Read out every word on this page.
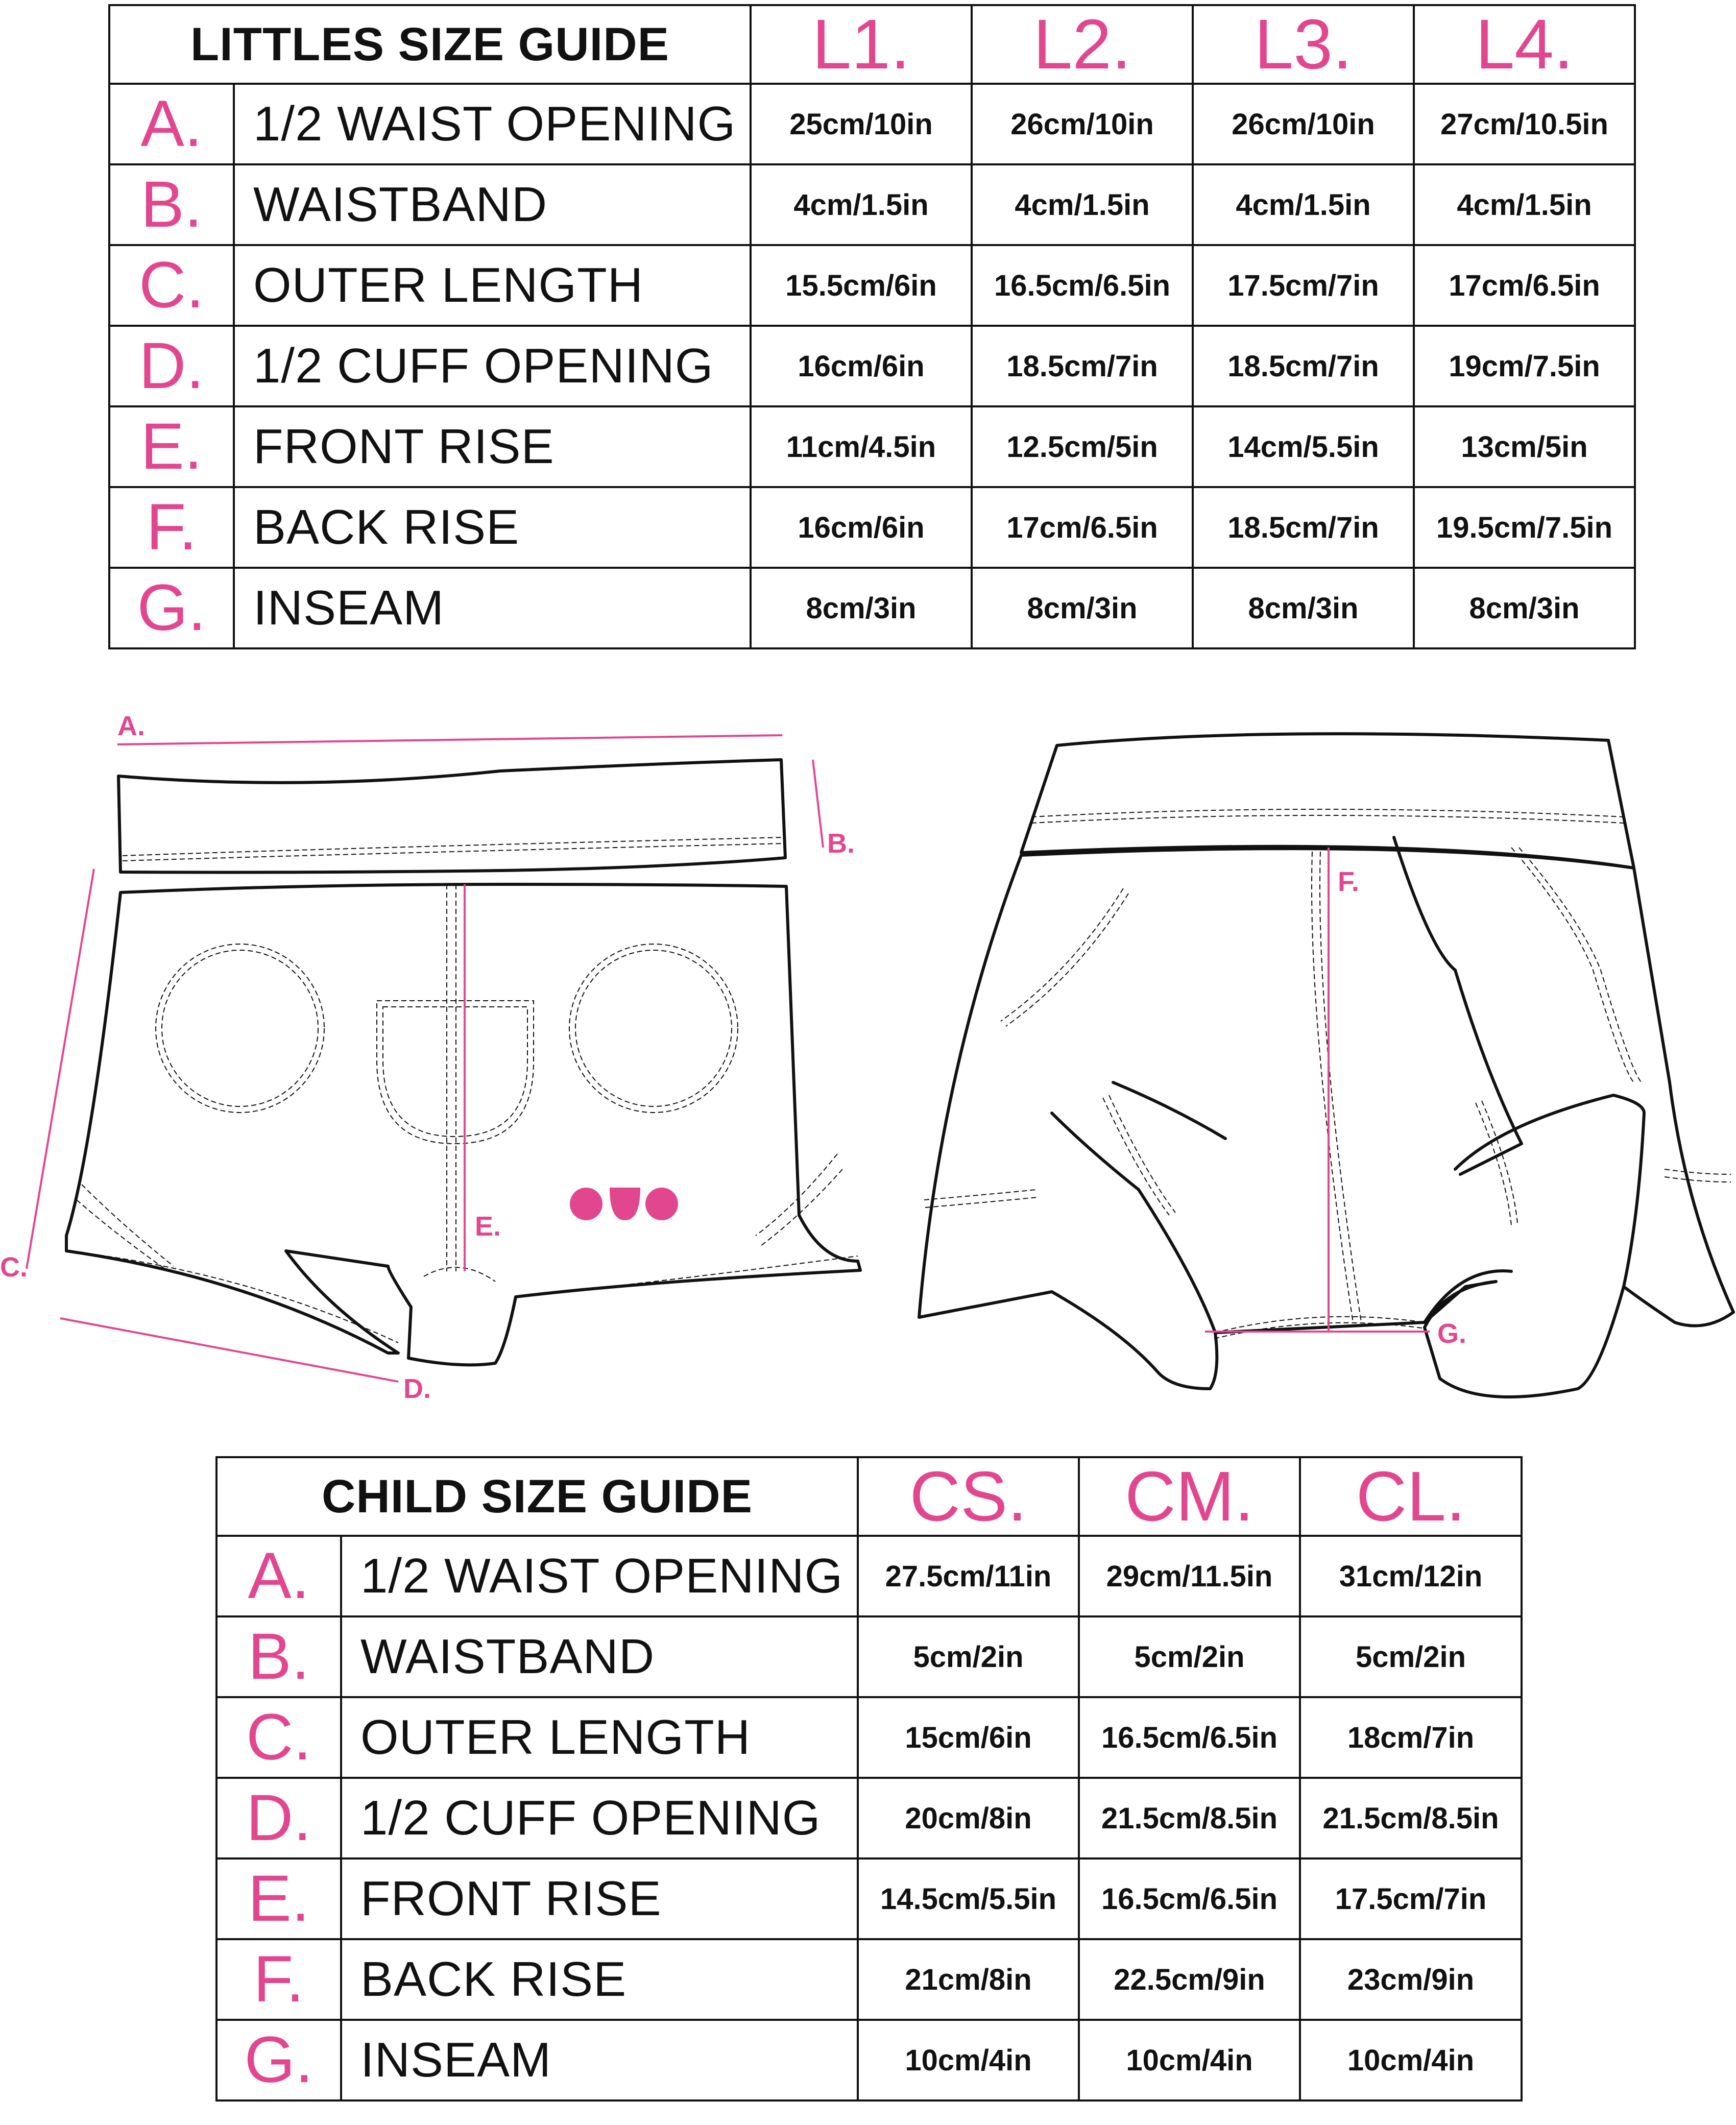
LITTLES SIZE GUIDE		L1.	L2.	L3.	L4.
A.	1/2 WAIST OPENING	25cm/10in	26cm/10in	26cm/10in	27cm/10.5in
B.	WAISTBAND	4cm/1.5in	4cm/1.5in	4cm/1.5in	4cm/1.5in
C.	OUTER LENGTH	15.5cm/6in	16.5cm/6.5in	17.5cm/7in	17cm/6.5in
D.	1/2 CUFF OPENING	16cm/6in	18.5cm/7in	18.5cm/7in	19cm/7.5in
E.	FRONT RISE	11cm/4.5in	12.5cm/5in	14cm/5.5in	13cm/5in
F.	BACK RISE	16cm/6in	17cm/6.5in	18.5cm/7in	19.5cm/7.5in
G.	INSEAM	8cm/3in	8cm/3in	8cm/3in	8cm/3in
A.
B.
C.
D.
E.
F.
G.
CHILD SIZE GUIDE		CS.	CM.	CL.
A.	1/2 WAIST OPENING	27.5cm/11in	29cm/11.5in	31cm/12in
B.	WAISTBAND	5cm/2in	5cm/2in	5cm/2in
C.	OUTER LENGTH	15cm/6in	16.5cm/6.5in	18cm/7in
D.	1/2 CUFF OPENING	20cm/8in	21.5cm/8.5in	21.5cm/8.5in
E.	FRONT RISE	14.5cm/5.5in	16.5cm/6.5in	17.5cm/7in
F.	BACK RISE	21cm/8in	22.5cm/9in	23cm/9in
G.	INSEAM	10cm/4in	10cm/4in	10cm/4in
